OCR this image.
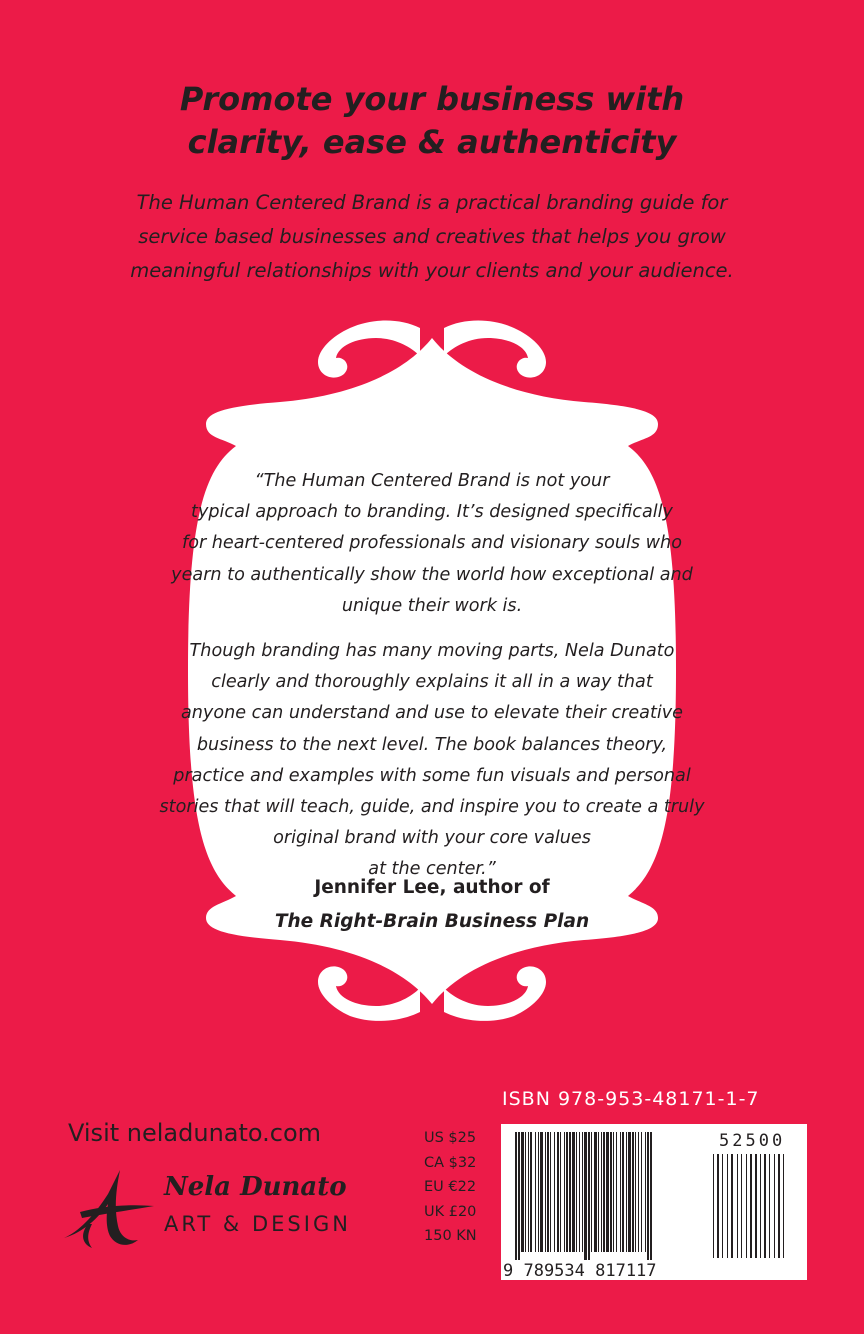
Promote your business with
clarity, ease & authenticity
The Human Centered Brand is a practical branding guide for
service based businesses and creatives that helps you grow
meaningful relationships with your clients and your audience.
“The Human Centered Brand is not your
typical approach to branding. It’s designed specifically
for heart-centered professionals and visionary souls who
yearn to authentically show the world how exceptional and
unique their work is.
Though branding has many moving parts, Nela Dunato
clearly and thoroughly explains it all in a way that
anyone can understand and use to elevate their creative
business to the next level. The book balances theory,
practice and examples with some fun visuals and personal
stories that will teach, guide, and inspire you to create a truly
original brand with your core values
at the center.”
Jennifer Lee, author of
The Right-Brain Business Plan
ISBN 978-953-48171-1-7
Visit neladunato.com
Nela Dunato
ART & DESIGN
US $25
CA $32
EU €22
UK £20
150 KN
9 789534 817117
52500
